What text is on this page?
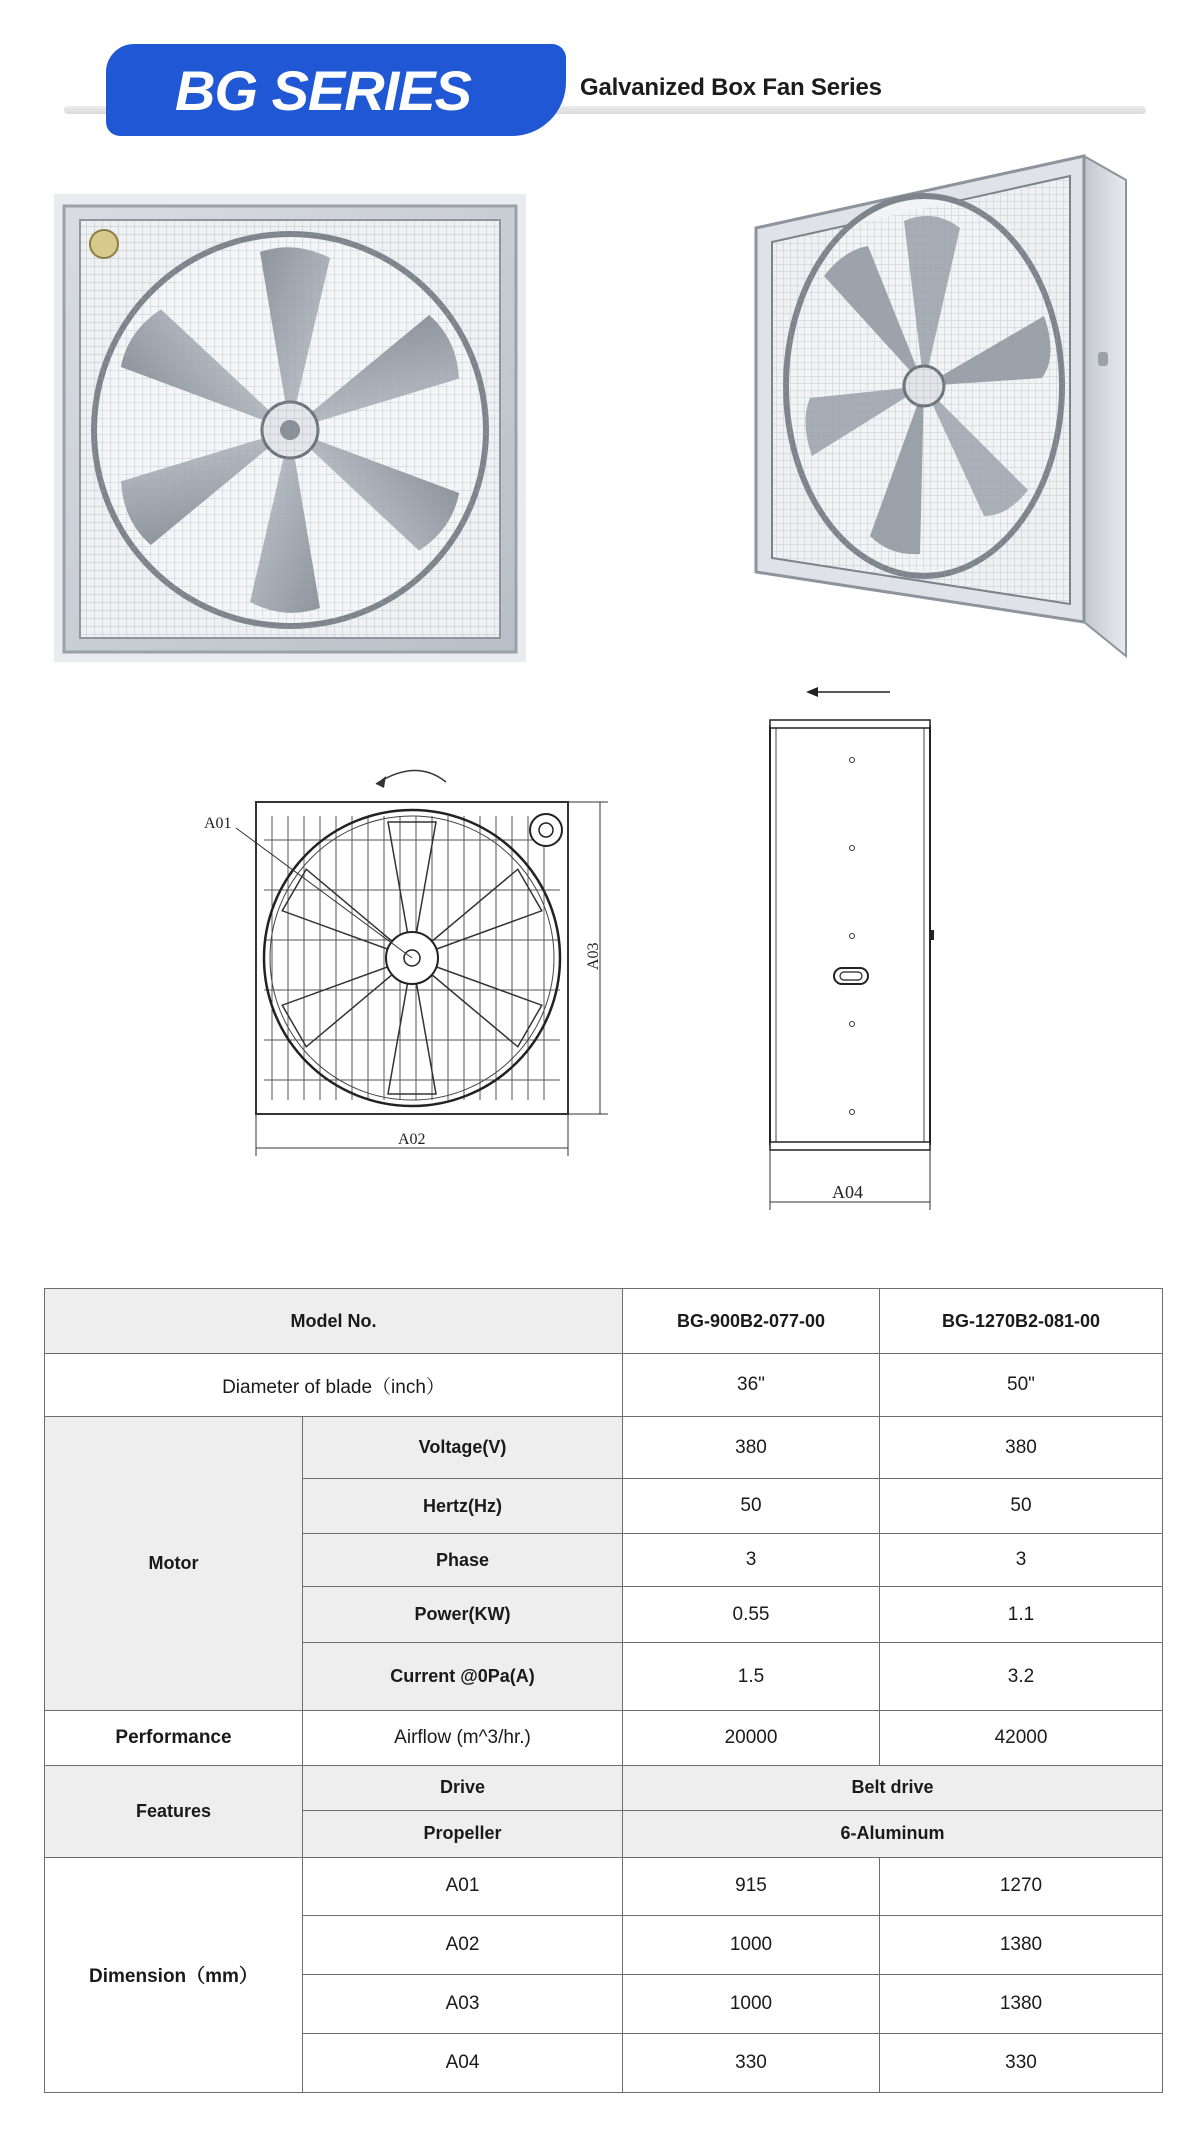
BG SERIES	Galvanized Box Fan Series
A01
A03
A02
A04
Model No.		BG-900B2-077-00	BG-1270B2-081-00
Diameter of blade（inch）		36"	50"
Motor	Voltage(V)	380	380
	Hertz(Hz)	50	50
	Phase	3	3
	Power(KW)	0.55	1.1
	Current @0Pa(A)	1.5	3.2
Performance	Airflow (m^3/hr.)	20000	42000
Features	Drive	Belt drive	
	Propeller	6-Aluminum	
Dimension（mm）	A01	915	1270
	A02	1000	1380
	A03	1000	1380
	A04	330	330
